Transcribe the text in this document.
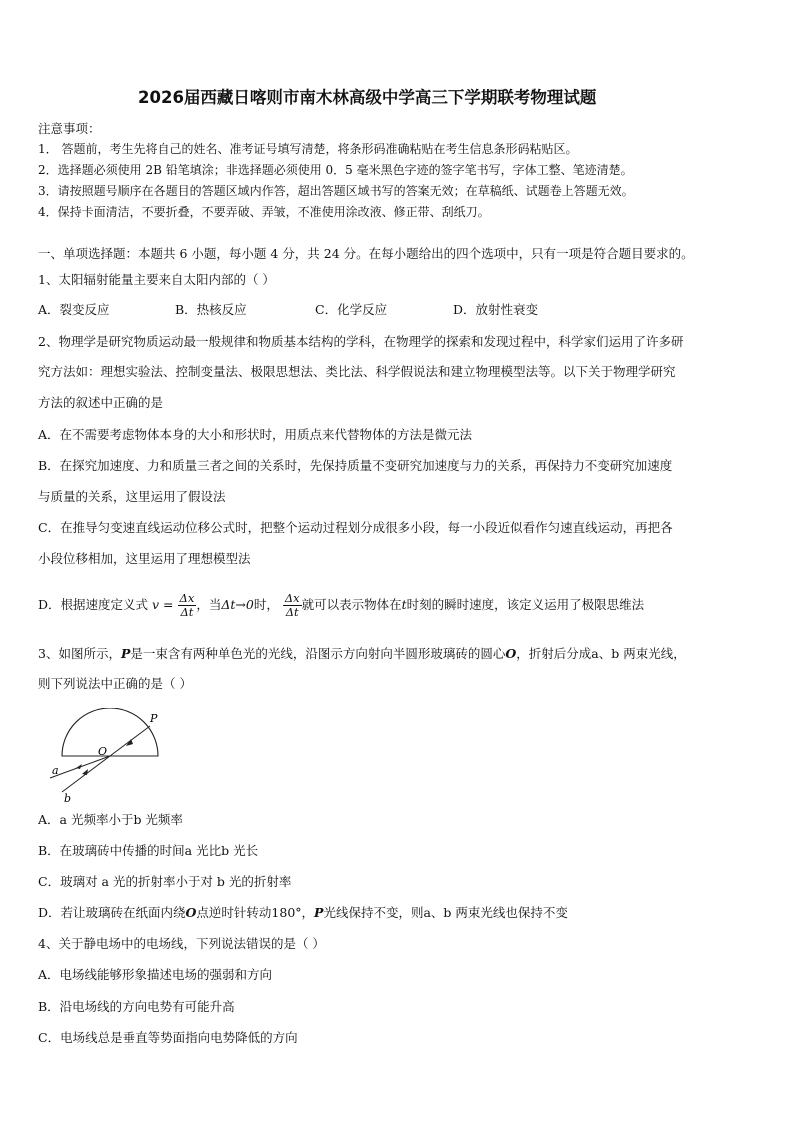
2026届西藏日喀则市南木林高级中学高三下学期联考物理试题
注意事项：
1． 答题前，考生先将自己的姓名、准考证号填写清楚，将条形码准确粘贴在考生信息条形码粘贴区。
2．选择题必须使用 2B 铅笔填涂；非选择题必须使用 0．5 毫米黑色字迹的签字笔书写，字体工整、笔迹清楚。
3．请按照题号顺序在各题目的答题区域内作答，超出答题区域书写的答案无效；在草稿纸、试题卷上答题无效。
4．保持卡面清洁，不要折叠，不要弄破、弄皱，不准使用涂改液、修正带、刮纸刀。
一、单项选择题：本题共 6 小题，每小题 4 分，共 24 分。在每小题给出的四个选项中，只有一项是符合题目要求的。
1、太阳辐射能量主要来自太阳内部的（ ）
A．裂变反应	B．热核反应	C．化学反应	D．放射性衰变
2、物理学是研究物质运动最一般规律和物质基本结构的学科，在物理学的探索和发现过程中，科学家们运用了许多研
究方法如：理想实验法、控制变量法、极限思想法、类比法、科学假说法和建立物理模型法等。以下关于物理学研究
方法的叙述中正确的是
A．在不需要考虑物体本身的大小和形状时，用质点来代替物体的方法是微元法
B．在探究加速度、力和质量三者之间的关系时，先保持质量不变研究加速度与力的关系，再保持力不变研究加速度
与质量的关系，这里运用了假设法
C．在推导匀变速直线运动位移公式时，把整个运动过程划分成很多小段，每一小段近似看作匀速直线运动，再把各
小段位移相加，这里运用了理想模型法
D．根据速度定义式 $v = \frac{\Delta x}{\Delta t}$ ，当Δt→0时， $\frac{\Delta x}{\Delta t}$ 就可以表示物体在t时刻的瞬时速度，该定义运用了极限思维法
3、如图所示，P是一束含有两种单色光的光线，沿图示方向射向半圆形玻璃砖的圆心O，折射后分成a、b 两束光线，
则下列说法中正确的是（ ）
P
O
a
b
A．a 光频率小于b 光频率
B．在玻璃砖中传播的时间a 光比b 光长
C．玻璃对 a 光的折射率小于对 b 光的折射率
D．若让玻璃砖在纸面内绕O点逆时针转动180°，P光线保持不变，则a、b 两束光线也保持不变
4、关于静电场中的电场线，下列说法错误的是（ ）
A．电场线能够形象描述电场的强弱和方向
B．沿电场线的方向电势有可能升高
C．电场线总是垂直等势面指向电势降低的方向
